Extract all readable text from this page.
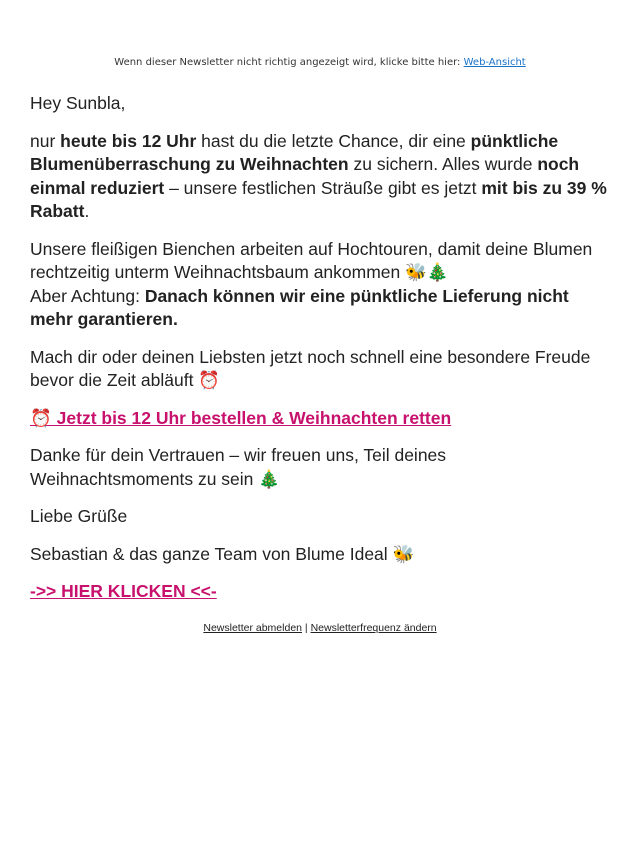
Wenn dieser Newsletter nicht richtig angezeigt wird, klicke bitte hier: Web-Ansicht

Hey Sunbla,

nur heute bis 12 Uhr hast du die letzte Chance, dir eine pünktliche Blumenüberraschung zu Weihnachten zu sichern. Alles wurde noch einmal reduziert – unsere festlichen Sträuße gibt es jetzt mit bis zu 39 % Rabatt.

Unsere fleißigen Bienchen arbeiten auf Hochtouren, damit deine Blumen rechtzeitig unterm Weihnachtsbaum ankommen 🐝🎄
Aber Achtung: Danach können wir eine pünktliche Lieferung nicht mehr garantieren.

Mach dir oder deinen Liebsten jetzt noch schnell eine besondere Freude bevor die Zeit abläuft ⏰

⏰ Jetzt bis 12 Uhr bestellen & Weihnachten retten

Danke für dein Vertrauen – wir freuen uns, Teil deines Weihnachtsmoments zu sein 🎄

Liebe Grüße

Sebastian & das ganze Team von Blume Ideal 🐝

->> HIER KLICKEN <<-

Newsletter abmelden | Newsletterfrequenz ändern
